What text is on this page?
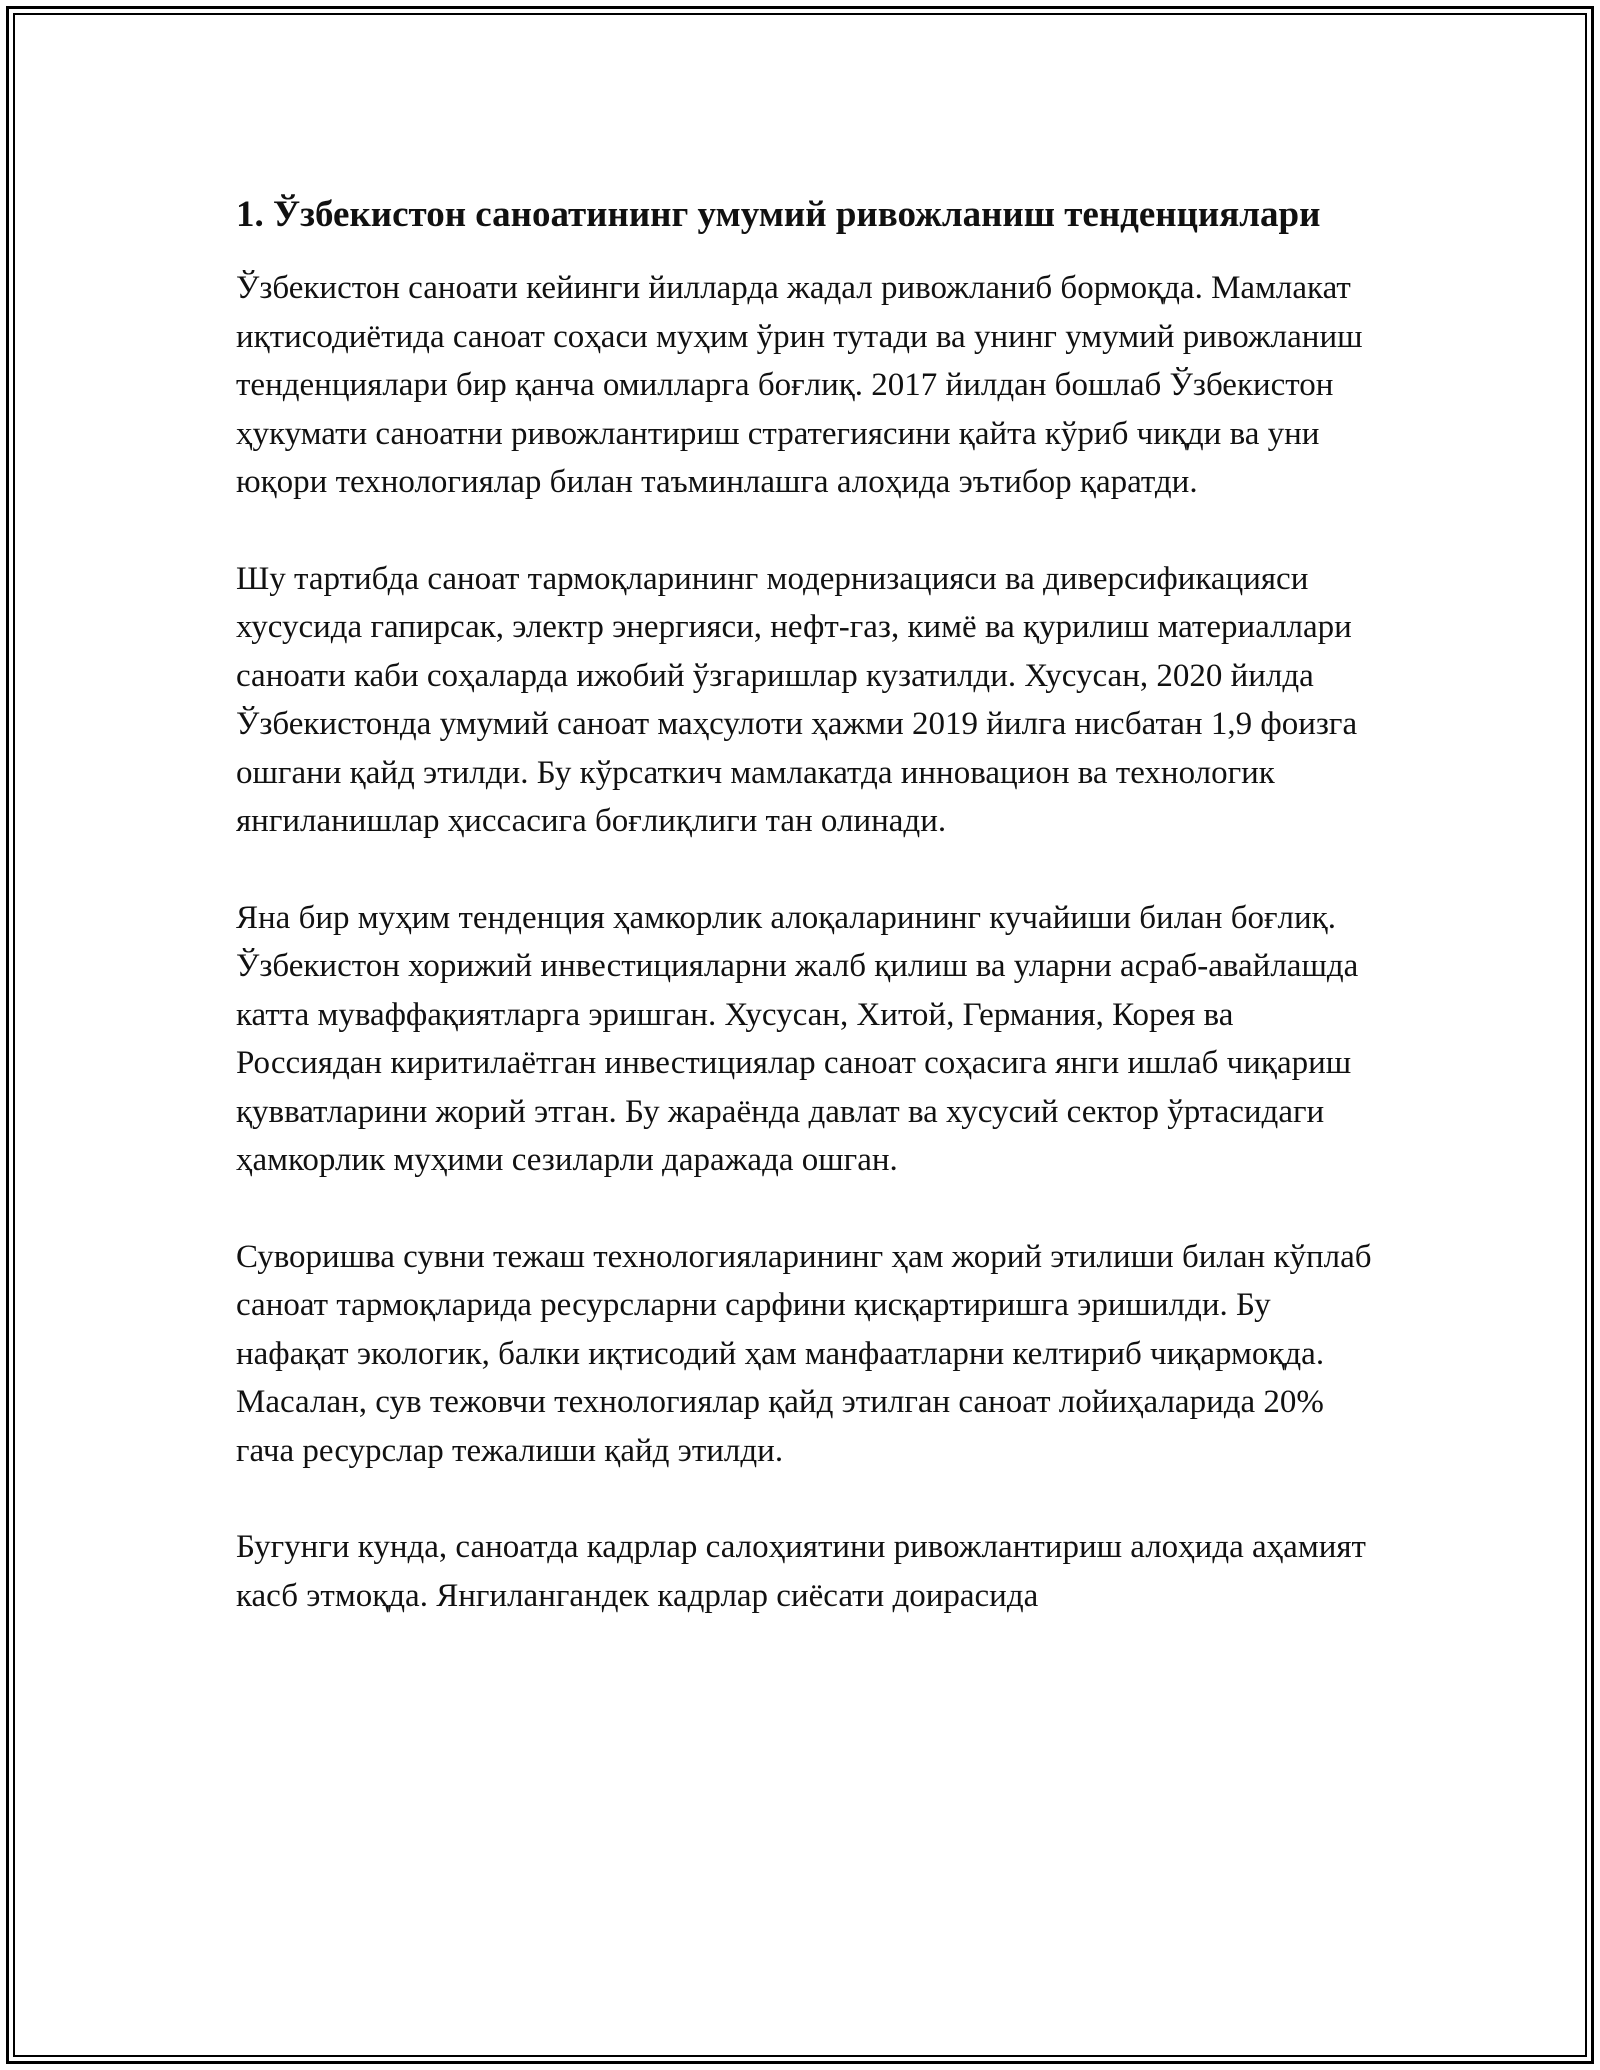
1. Ўзбекистон саноатининг умумий ривожланиш тенденциялари

Ўзбекистон саноати кейинги йилларда жадал ривожланиб бормоқда. Мамлакат иқтисодиётида саноат соҳаси муҳим ўрин тутади ва унинг умумий ривожланиш тенденциялари бир қанча омилларга боғлиқ. 2017 йилдан бошлаб Ўзбекистон ҳукумати саноатни ривожлантириш стратегиясини қайта кўриб чиқди ва уни юқори технологиялар билан таъминлашга алоҳида эътибор қаратди.

Шу тартибда саноат тармоқларининг модернизацияси ва диверсификацияси хусусида гапирсак, электр энергияси, нефт-газ, кимё ва қурилиш материаллари саноати каби соҳаларда ижобий ўзгаришлар кузатилди. Хусусан, 2020 йилда Ўзбекистонда умумий саноат маҳсулоти ҳажми 2019 йилга нисбатан 1,9 фоизга ошгани қайд этилди. Бу кўрсаткич мамлакатда инновацион ва технологик янгиланишлар ҳиссасига боғлиқлиги тан олинади.

Яна бир муҳим тенденция ҳамкорлик алоқаларининг кучайиши билан боғлиқ. Ўзбекистон хорижий инвестицияларни жалб қилиш ва уларни асраб-авайлашда катта муваффақиятларга эришган. Хусусан, Хитой, Германия, Корея ва Россиядан киритилаётган инвестициялар саноат соҳасига янги ишлаб чиқариш қувватларини жорий этган. Бу жараёнда давлат ва хусусий сектор ўртасидаги ҳамкорлик муҳими сезиларли даражада ошган.

Суворишва сувни тежаш технологияларининг ҳам жорий этилиши билан кўплаб саноат тармоқларида ресурсларни сарфини қисқартиришга эришилди. Бу нафақат экологик, балки иқтисодий ҳам манфаатларни келтириб чиқармоқда. Масалан, сув тежовчи технологиялар қайд этилган саноат лойиҳаларида 20% гача ресурслар тежалиши қайд этилди.

Бугунги кунда, саноатда кадрлар салоҳиятини ривожлантириш алоҳида аҳамият касб этмоқда. Янгилангандек кадрлар сиёсати доирасида
